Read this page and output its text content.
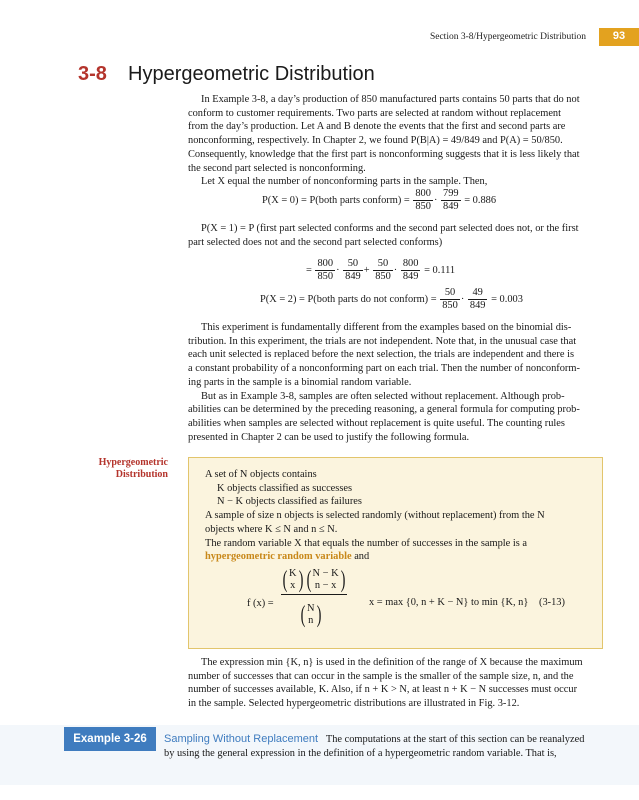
Section 3-8/Hypergeometric Distribution	93
3-8 Hypergeometric Distribution

In Example 3-8, a day’s production of 850 manufactured parts contains 50 parts that do not

conform to customer requirements. Two parts are selected at random without replacement

from the day’s production. Let A and B denote the events that the first and second parts are

nonconforming, respectively. In Chapter 2, we found P(B|A) = 49/849 and P(A) = 50/850.

Consequently, knowledge that the first part is nonconforming suggests that it is less likely that

the second part selected is nonconforming.

Let X equal the number of nonconforming parts in the sample. Then,

P(X = 0) = P(both parts conform) = $\frac{800}{850} \cdot \frac{799}{849} = 0.886$

P(X = 1) = P (first part selected conforms and the second part selected does not, or the first

part selected does not and the second part selected conforms)

= $\frac{800}{850} \cdot \frac{50}{849} + \frac{50}{850} \cdot \frac{800}{849} = 0.111$
P(X = 2) = P(both parts do not conform) = $\frac{50}{850} \cdot \frac{49}{849} = 0.003$

This experiment is fundamentally different from the examples based on the binomial dis-

tribution. In this experiment, the trials are not independent. Note that, in the unusual case that

each unit selected is replaced before the next selection, the trials are independent and there is

a constant probability of a nonconforming part on each trial. Then the number of nonconform-

ing parts in the sample is a binomial random variable.

But as in Example 3-8, samples are often selected without replacement. Although prob-

abilities can be determined by the preceding reasoning, a general formula for computing prob-

abilities when samples are selected without replacement is quite useful. The counting rules

presented in Chapter 2 can be used to justify the following formula.

Hypergeometric
Distribution	A set of N objects contains
K objects classified as successes
N − K objects classified as failures
A sample of size n objects is selected randomly (without replacement) from the N
objects where K ≤ N and n ≤ N.
The random variable X that equals the number of successes in the sample is a
hypergeometric random variable and
f (x) =
( K
x ) ( N − K
n − x )
( N
n )	x = max {0, n + K − N} to min {K, n} (3-13)

The expression min {K, n} is used in the definition of the range of X because the maximum

number of successes that can occur in the sample is the smaller of the sample size, n, and the

number of successes available, K. Also, if n + K > N, at least n + K − N successes must occur

in the sample. Selected hypergeometric distributions are illustrated in Fig. 3-12.

Example 3-26	Sampling Without Replacement The computations at the start of this section can be reanalyzed

by using the general expression in the definition of a hypergeometric random variable. That is,
